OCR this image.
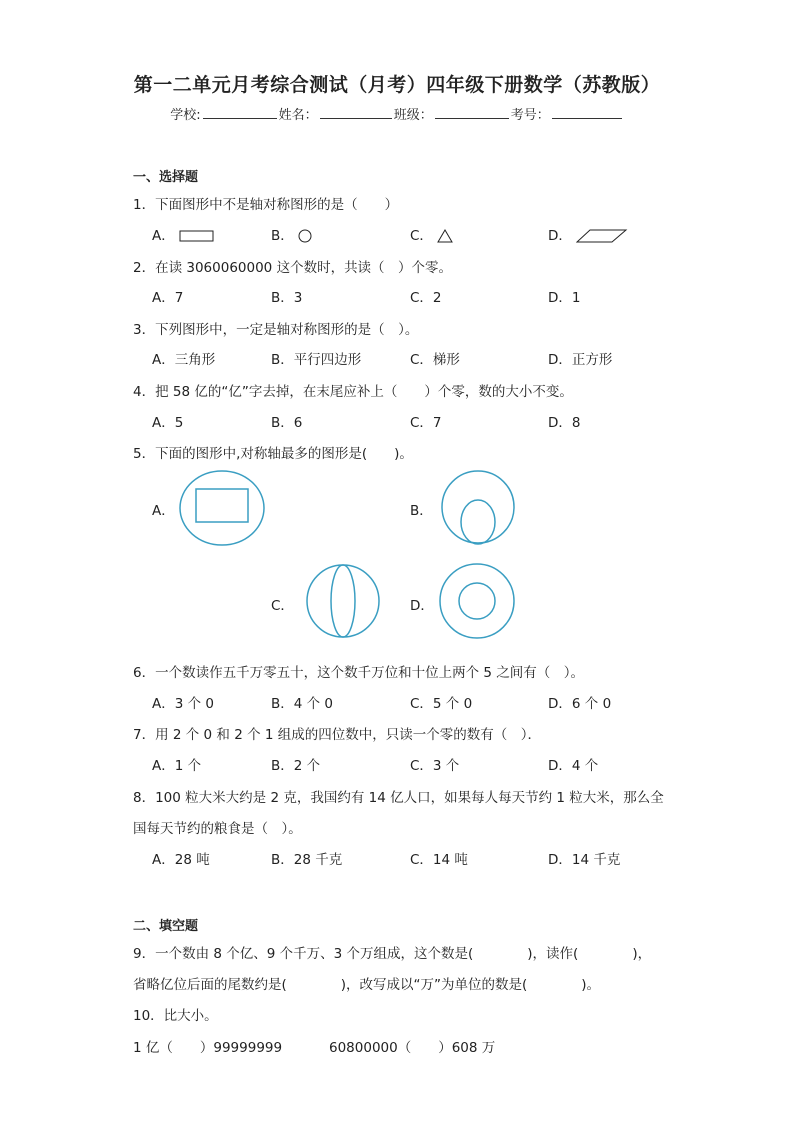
第一二单元月考综合测试（月考）四年级下册数学（苏教版）
学校:	姓名：	班级：	考号：
一、选择题
1．下面图形中不是轴对称图形的是（　　）
A．	B．	C．	D．
2．在读 3060060000 这个数时，共读（　）个零。
A．7	B．3	C．2	D．1
3．下列图形中，一定是轴对称图形的是（　）。
A．三角形	B．平行四边形	C．梯形	D．正方形
4．把 58 亿的“亿”字去掉，在末尾应补上（　　）个零，数的大小不变。
A．5	B．6	C．7	D．8
5．下面的图形中,对称轴最多的图形是(　　)。
A．	B．
C．	D．
6．一个数读作五千万零五十，这个数千万位和十位上两个 5 之间有（　）。
A．3 个 0	B．4 个 0	C．5 个 0	D．6 个 0
7．用 2 个 0 和 2 个 1 组成的四位数中，只读一个零的数有（　）．
A．1 个	B．2 个	C．3 个	D．4 个
8．100 粒大米大约是 2 克，我国约有 14 亿人口，如果每人每天节约 1 粒大米，那么全
国每天节约的粮食是（　）。
A．28 吨	B．28 千克	C．14 吨	D．14 千克
二、填空题
9．一个数由 8 个亿、9 个千万、3 个万组成，这个数是(　　　　)，读作(　　　　)，
省略亿位后面的尾数约是(　　　　)，改写成以“万”为单位的数是(　　　　)。
10．比大小。
1 亿（　　）99999999	60800000（　　）608 万
